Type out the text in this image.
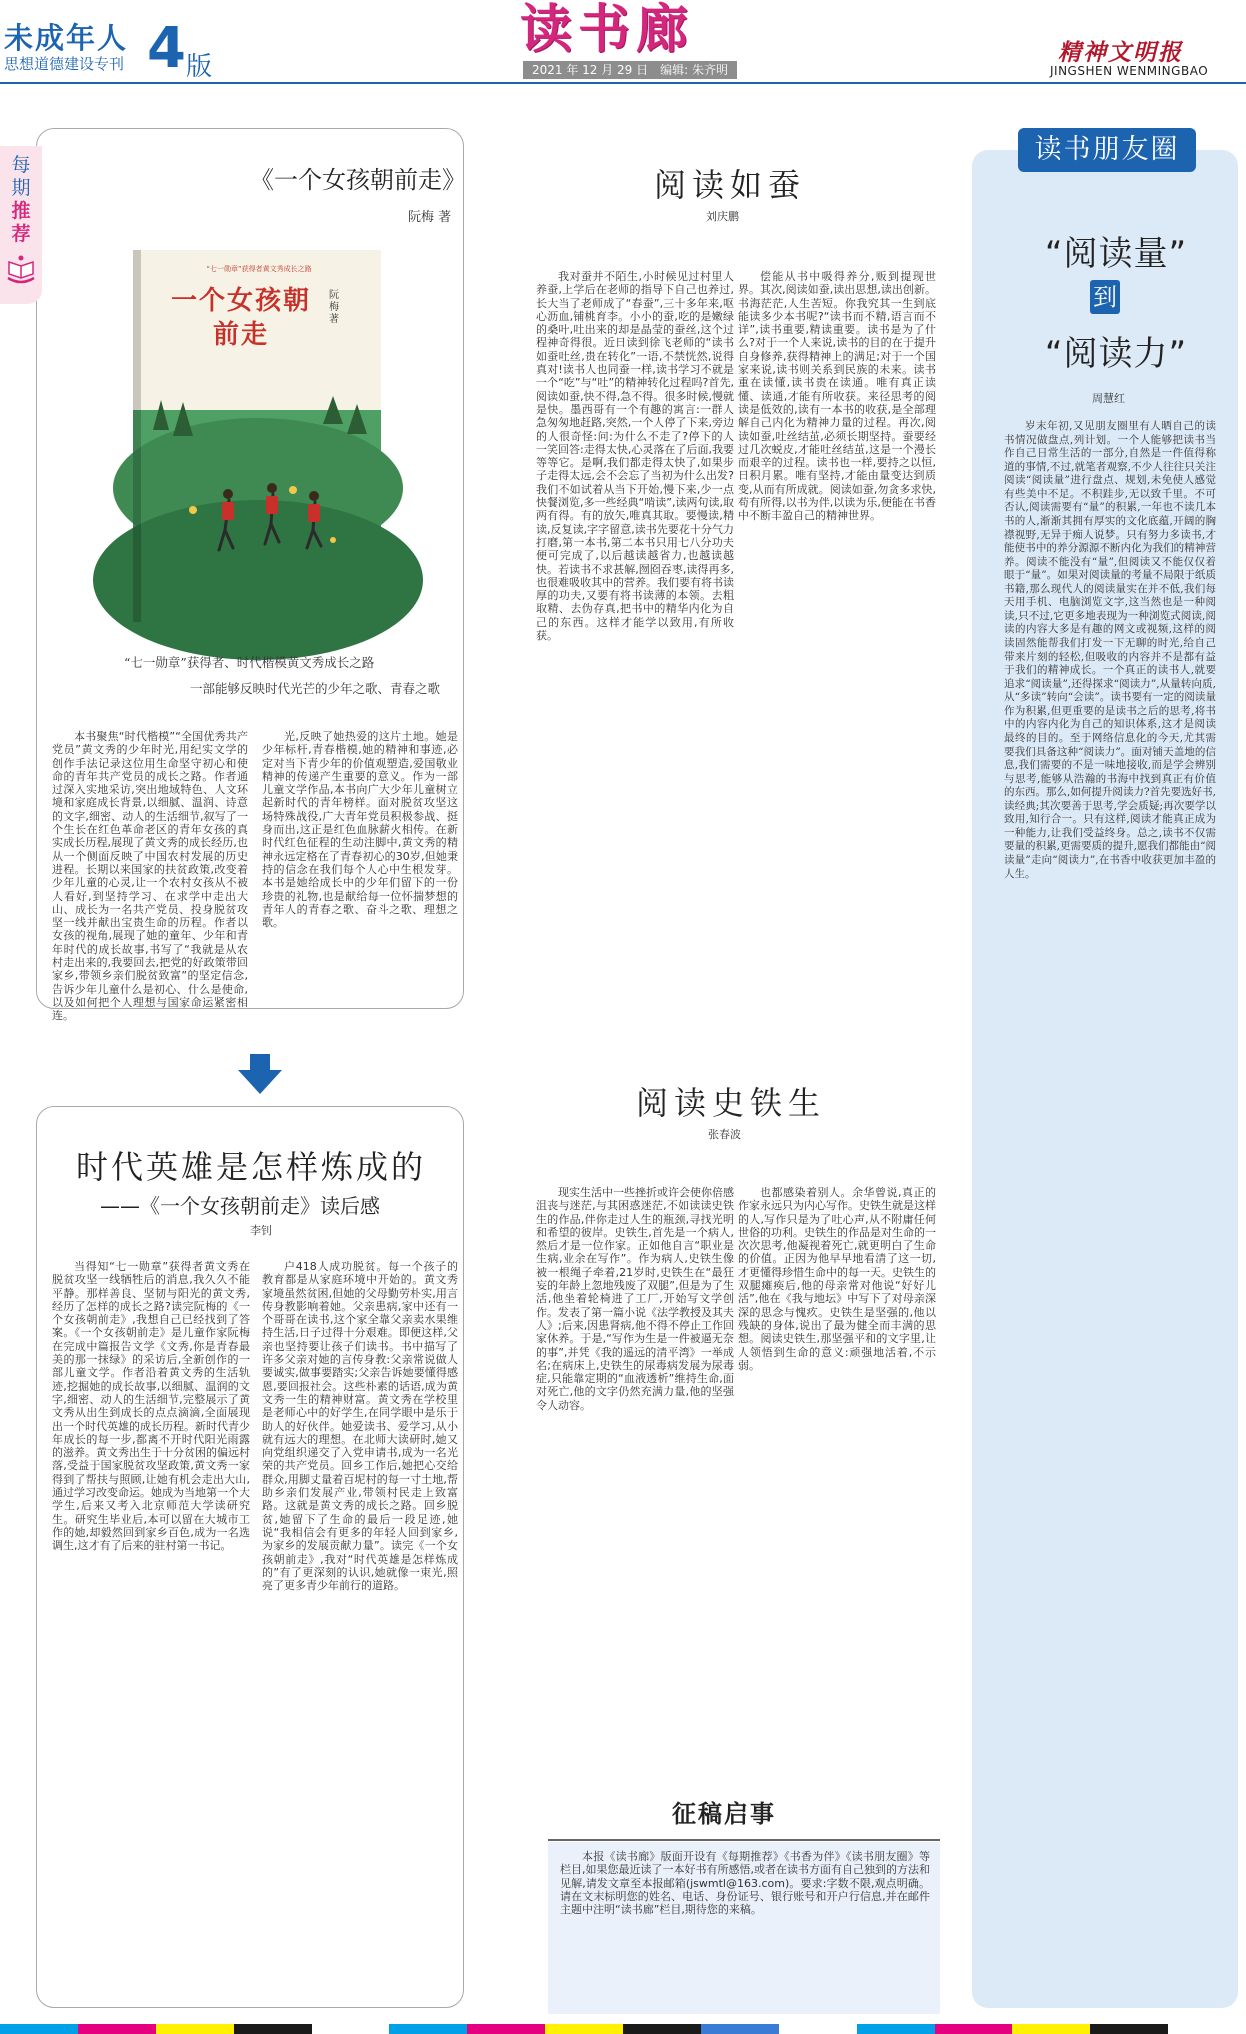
未成年人
思想道德建设专刊 4 版
读书廊
2021 年 12 月 29 日　编辑: 朱齐明
精神文明报
JINGSHEN WENMINGBAO
每
期
推
荐
《一个女孩朝前走》
阮梅 著
“七一勋章”获得者黄文秀成长之路
一个女孩朝前走
阮梅 著
“七一勋章”获得者、时代楷模黄文秀成长之路
一部能够反映时代光芒的少年之歌、青春之歌

本书聚焦“时代楷模”“全国优秀共产党员”黄文秀的少年时光,用纪实文学的创作手法记录这位用生命坚守初心和使命的青年共产党员的成长之路。作者通过深入实地采访,突出地域特色、人文环境和家庭成长背景,以细腻、温润、诗意的文字,细密、动人的生活细节,叙写了一个生长在红色革命老区的青年女孩的真实成长历程,展现了黄文秀的成长经历,也从一个侧面反映了中国农村发展的历史进程。长期以来国家的扶贫政策,改变着少年儿童的心灵,让一个农村女孩从不被人看好,到坚持学习、在求学中走出大山、成长为一名共产党员、投身脱贫攻坚一线并献出宝贵生命的历程。作者以女孩的视角,展现了她的童年、少年和青年时代的成长故事,书写了“我就是从农村走出来的,我要回去,把党的好政策带回家乡,带领乡亲们脱贫致富”的坚定信念,告诉少年儿童什么是初心、什么是使命,以及如何把个人理想与国家命运紧密相连。

光,反映了她热爱的这片土地。她是少年标杆,青春楷模,她的精神和事迹,必定对当下青少年的价值观塑造,爱国敬业精神的传递产生重要的意义。作为一部儿童文学作品,本书向广大少年儿童树立起新时代的青年榜样。面对脱贫攻坚这场特殊战役,广大青年党员积极参战、挺身而出,这正是红色血脉薪火相传。在新时代红色征程的生动注脚中,黄文秀的精神永远定格在了青春初心的30岁,但她秉持的信念在我们每个人心中生根发芽。本书是她给成长中的少年们留下的一份珍贵的礼物,也是献给每一位怀揣梦想的青年人的青春之歌、奋斗之歌、理想之歌。

时代英雄是怎样炼成的
——《一个女孩朝前走》读后感
李钊

当得知“七一勋章”获得者黄文秀在脱贫攻坚一线牺牲后的消息,我久久不能平静。那样善良、坚韧与阳光的黄文秀,经历了怎样的成长之路?读完阮梅的《一个女孩朝前走》,我想自己已经找到了答案。《一个女孩朝前走》是儿童作家阮梅在完成中篇报告文学《文秀,你是青春最美的那一抹绿》的采访后,全新创作的一部儿童文学。作者沿着黄文秀的生活轨迹,挖掘她的成长故事,以细腻、温润的文字,细密、动人的生活细节,完整展示了黄文秀从出生到成长的点点滴滴,全面展现出一个时代英雄的成长历程。新时代青少年成长的每一步,都离不开时代阳光雨露的滋养。黄文秀出生于十分贫困的偏远村落,受益于国家脱贫攻坚政策,黄文秀一家得到了帮扶与照顾,让她有机会走出大山,通过学习改变命运。她成为当地第一个大学生,后来又考入北京师范大学读研究生。研究生毕业后,本可以留在大城市工作的她,却毅然回到家乡百色,成为一名选调生,这才有了后来的驻村第一书记。

户418人成功脱贫。每一个孩子的教育都是从家庭环境中开始的。黄文秀家境虽然贫困,但她的父母勤劳朴实,用言传身教影响着她。父亲患病,家中还有一个哥哥在读书,这个家全靠父亲卖水果维持生活,日子过得十分艰难。即便这样,父亲也坚持要让孩子们读书。书中描写了许多父亲对她的言传身教:父亲常说做人要诚实,做事要踏实;父亲告诉她要懂得感恩,要回报社会。这些朴素的话语,成为黄文秀一生的精神财富。黄文秀在学校里是老师心中的好学生,在同学眼中是乐于助人的好伙伴。她爱读书、爱学习,从小就有远大的理想。在北师大读研时,她又向党组织递交了入党申请书,成为一名光荣的共产党员。回乡工作后,她把心交给群众,用脚丈量着百坭村的每一寸土地,帮助乡亲们发展产业,带领村民走上致富路。这就是黄文秀的成长之路。回乡脱贫,她留下了生命的最后一段足迹,她说“我相信会有更多的年轻人回到家乡,为家乡的发展贡献力量”。读完《一个女孩朝前走》,我对“时代英雄是怎样炼成的”有了更深刻的认识,她就像一束光,照亮了更多青少年前行的道路。

阅读如蚕
刘庆鹏

我对蚕并不陌生,小时候见过村里人养蚕,上学后在老师的指导下自己也养过,长大当了老师成了“春蚕”,三十多年来,呕心沥血,铺桃育李。小小的蚕,吃的是嫩绿的桑叶,吐出来的却是晶莹的蚕丝,这个过程神奇得很。近日读到徐飞老师的“读书如蚕吐丝,贵在转化”一语,不禁恍然,说得真对!读书人也同蚕一样,读书学习不就是一个“吃”与“吐”的精神转化过程吗?首先,阅读如蚕,快不得,急不得。很多时候,慢就是快。墨西哥有一个有趣的寓言:一群人急匆匆地赶路,突然,一个人停了下来,旁边的人很奇怪:问:为什么不走了?停下的人一笑回答:走得太快,心灵落在了后面,我要等等它。是啊,我们都走得太快了,如果步子走得太远,会不会忘了当初为什么出发?我们不如试着从当下开始,慢下来,少一点快餐浏览,多一些经典“啃读”,读两句读,取两有得。有的放矢,唯真其取。要慢读,精读,反复读,字字留意,读书先要花十分气力打磨,第一本书,第二本书只用七八分功夫便可完成了,以后越读越省力,也越读越快。若读书不求甚解,囫囵吞枣,读得再多,也很难吸收其中的营养。我们要有将书读厚的功夫,又要有将书读薄的本领。去粗取精、去伪存真,把书中的精华内化为自己的东西。这样才能学以致用,有所收获。

偿能从书中吸得养分,贩到提现世界。其次,阅读如蚕,读出思想,读出创新。书海茫茫,人生苦短。你我究其一生到底能读多少本书呢?“读书而不精,语言而不详”,读书重要,精读重要。读书是为了什么?对于一个人来说,读书的目的在于提升自身修养,获得精神上的满足;对于一个国家来说,读书则关系到民族的未来。读书重在读懂,读书贵在读通。唯有真正读懂、读通,才能有所收获。来径思考的阅读是低效的,读有一本书的收获,是全部理解自己内化为精神力量的过程。再次,阅读如蚕,吐丝结茧,必须长期坚持。蚕要经过几次蜕皮,才能吐丝结茧,这是一个漫长而艰辛的过程。读书也一样,要持之以恒,日积月累。唯有坚持,才能由量变达到质变,从而有所成就。阅读如蚕,勿贪多求快,苟有所得,以书为伴,以读为乐,便能在书香中不断丰盈自己的精神世界。

阅读史铁生
张春波

现实生活中一些挫折或许会使你倍感沮丧与迷茫,与其困惑迷茫,不如读读史铁生的作品,伴你走过人生的瓶颈,寻找光明和希望的彼岸。史铁生,首先是一个病人,然后才是一位作家。正如他自言“职业是生病,业余在写作”。作为病人,史铁生像被一根绳子牵着,21岁时,史铁生在“最狂妄的年龄上忽地残废了双腿”,但是为了生活,他坐着轮椅进了工厂,开始写文学创作。发表了第一篇小说《法学教授及其夫人》;后来,因患肾病,他不得不停止工作回家休养。于是,“写作为生是一件被逼无奈的事”,并凭《我的遥远的清平湾》一举成名;在病床上,史铁生的尿毒病发展为尿毒症,只能靠定期的“血液透析”维持生命,面对死亡,他的文字仍然充满力量,他的坚强令人动容。

也都感染着别人。余华曾说,真正的作家永远只为内心写作。史铁生就是这样的人,写作只是为了吐心声,从不附庸任何世俗的功利。史铁生的作品是对生命的一次次思考,他凝视着死亡,就更明白了生命的价值。正因为他早早地看清了这一切,才更懂得珍惜生命中的每一天。史铁生的双腿瘫痪后,他的母亲常对他说“好好儿活”,他在《我与地坛》中写下了对母亲深深的思念与愧疚。史铁生是坚强的,他以残缺的身体,说出了最为健全而丰满的思想。阅读史铁生,那坚强平和的文字里,让人领悟到生命的意义:顽强地活着,不示弱。

征稿启事

本报《读书廊》版面开设有《每期推荐》《书香为伴》《读书朋友圈》等栏目,如果您最近读了一本好书有所感悟,或者在读书方面有自己独到的方法和见解,请发文章至本报邮箱(jswmtl@163.com)。要求:字数不限,观点明确。请在文末标明您的姓名、电话、身份证号、银行账号和开户行信息,并在邮件主题中注明“读书廊”栏目,期待您的来稿。

读书朋友圈
“阅读量”
到
“阅读力”
周慧红

岁末年初,又见朋友圈里有人晒自己的读书情况做盘点,列计划。一个人能够把读书当作自己日常生活的一部分,自然是一件值得称道的事情,不过,就笔者观察,不少人往往只关注阅读“阅读量”进行盘点、规划,未免使人感觉有些美中不足。不积跬步,无以致千里。不可否认,阅读需要有“量”的积累,一年也不读几本书的人,渐渐其拥有厚实的文化底蕴,开阔的胸襟视野,无异于痴人说梦。只有努力多读书,才能使书中的养分源源不断内化为我们的精神营养。阅读不能没有“量”,但阅读又不能仅仅着眼于“量”。如果对阅读量的考量不局限于纸质书籍,那么现代人的阅读量实在并不低,我们每天用手机、电脑浏览文字,这当然也是一种阅读,只不过,它更多地表现为一种浏览式阅读,阅读的内容大多是有趣的网文或视频,这样的阅读固然能帮我们打发一下无聊的时光,给自己带来片刻的轻松,但吸收的内容并不是都有益于我们的精神成长。一个真正的读书人,就要追求“阅读量”,还得探求“阅读力”,从量转向质,从“多读”转向“会读”。读书要有一定的阅读量作为积累,但更重要的是读书之后的思考,将书中的内容内化为自己的知识体系,这才是阅读最终的目的。至于网络信息化的今天,尤其需要我们具备这种“阅读力”。面对铺天盖地的信息,我们需要的不是一味地接收,而是学会辨别与思考,能够从浩瀚的书海中找到真正有价值的东西。那么,如何提升阅读力?首先要选好书,读经典;其次要善于思考,学会质疑;再次要学以致用,知行合一。只有这样,阅读才能真正成为一种能力,让我们受益终身。总之,读书不仅需要量的积累,更需要质的提升,愿我们都能由“阅读量”走向“阅读力”,在书香中收获更加丰盈的人生。
